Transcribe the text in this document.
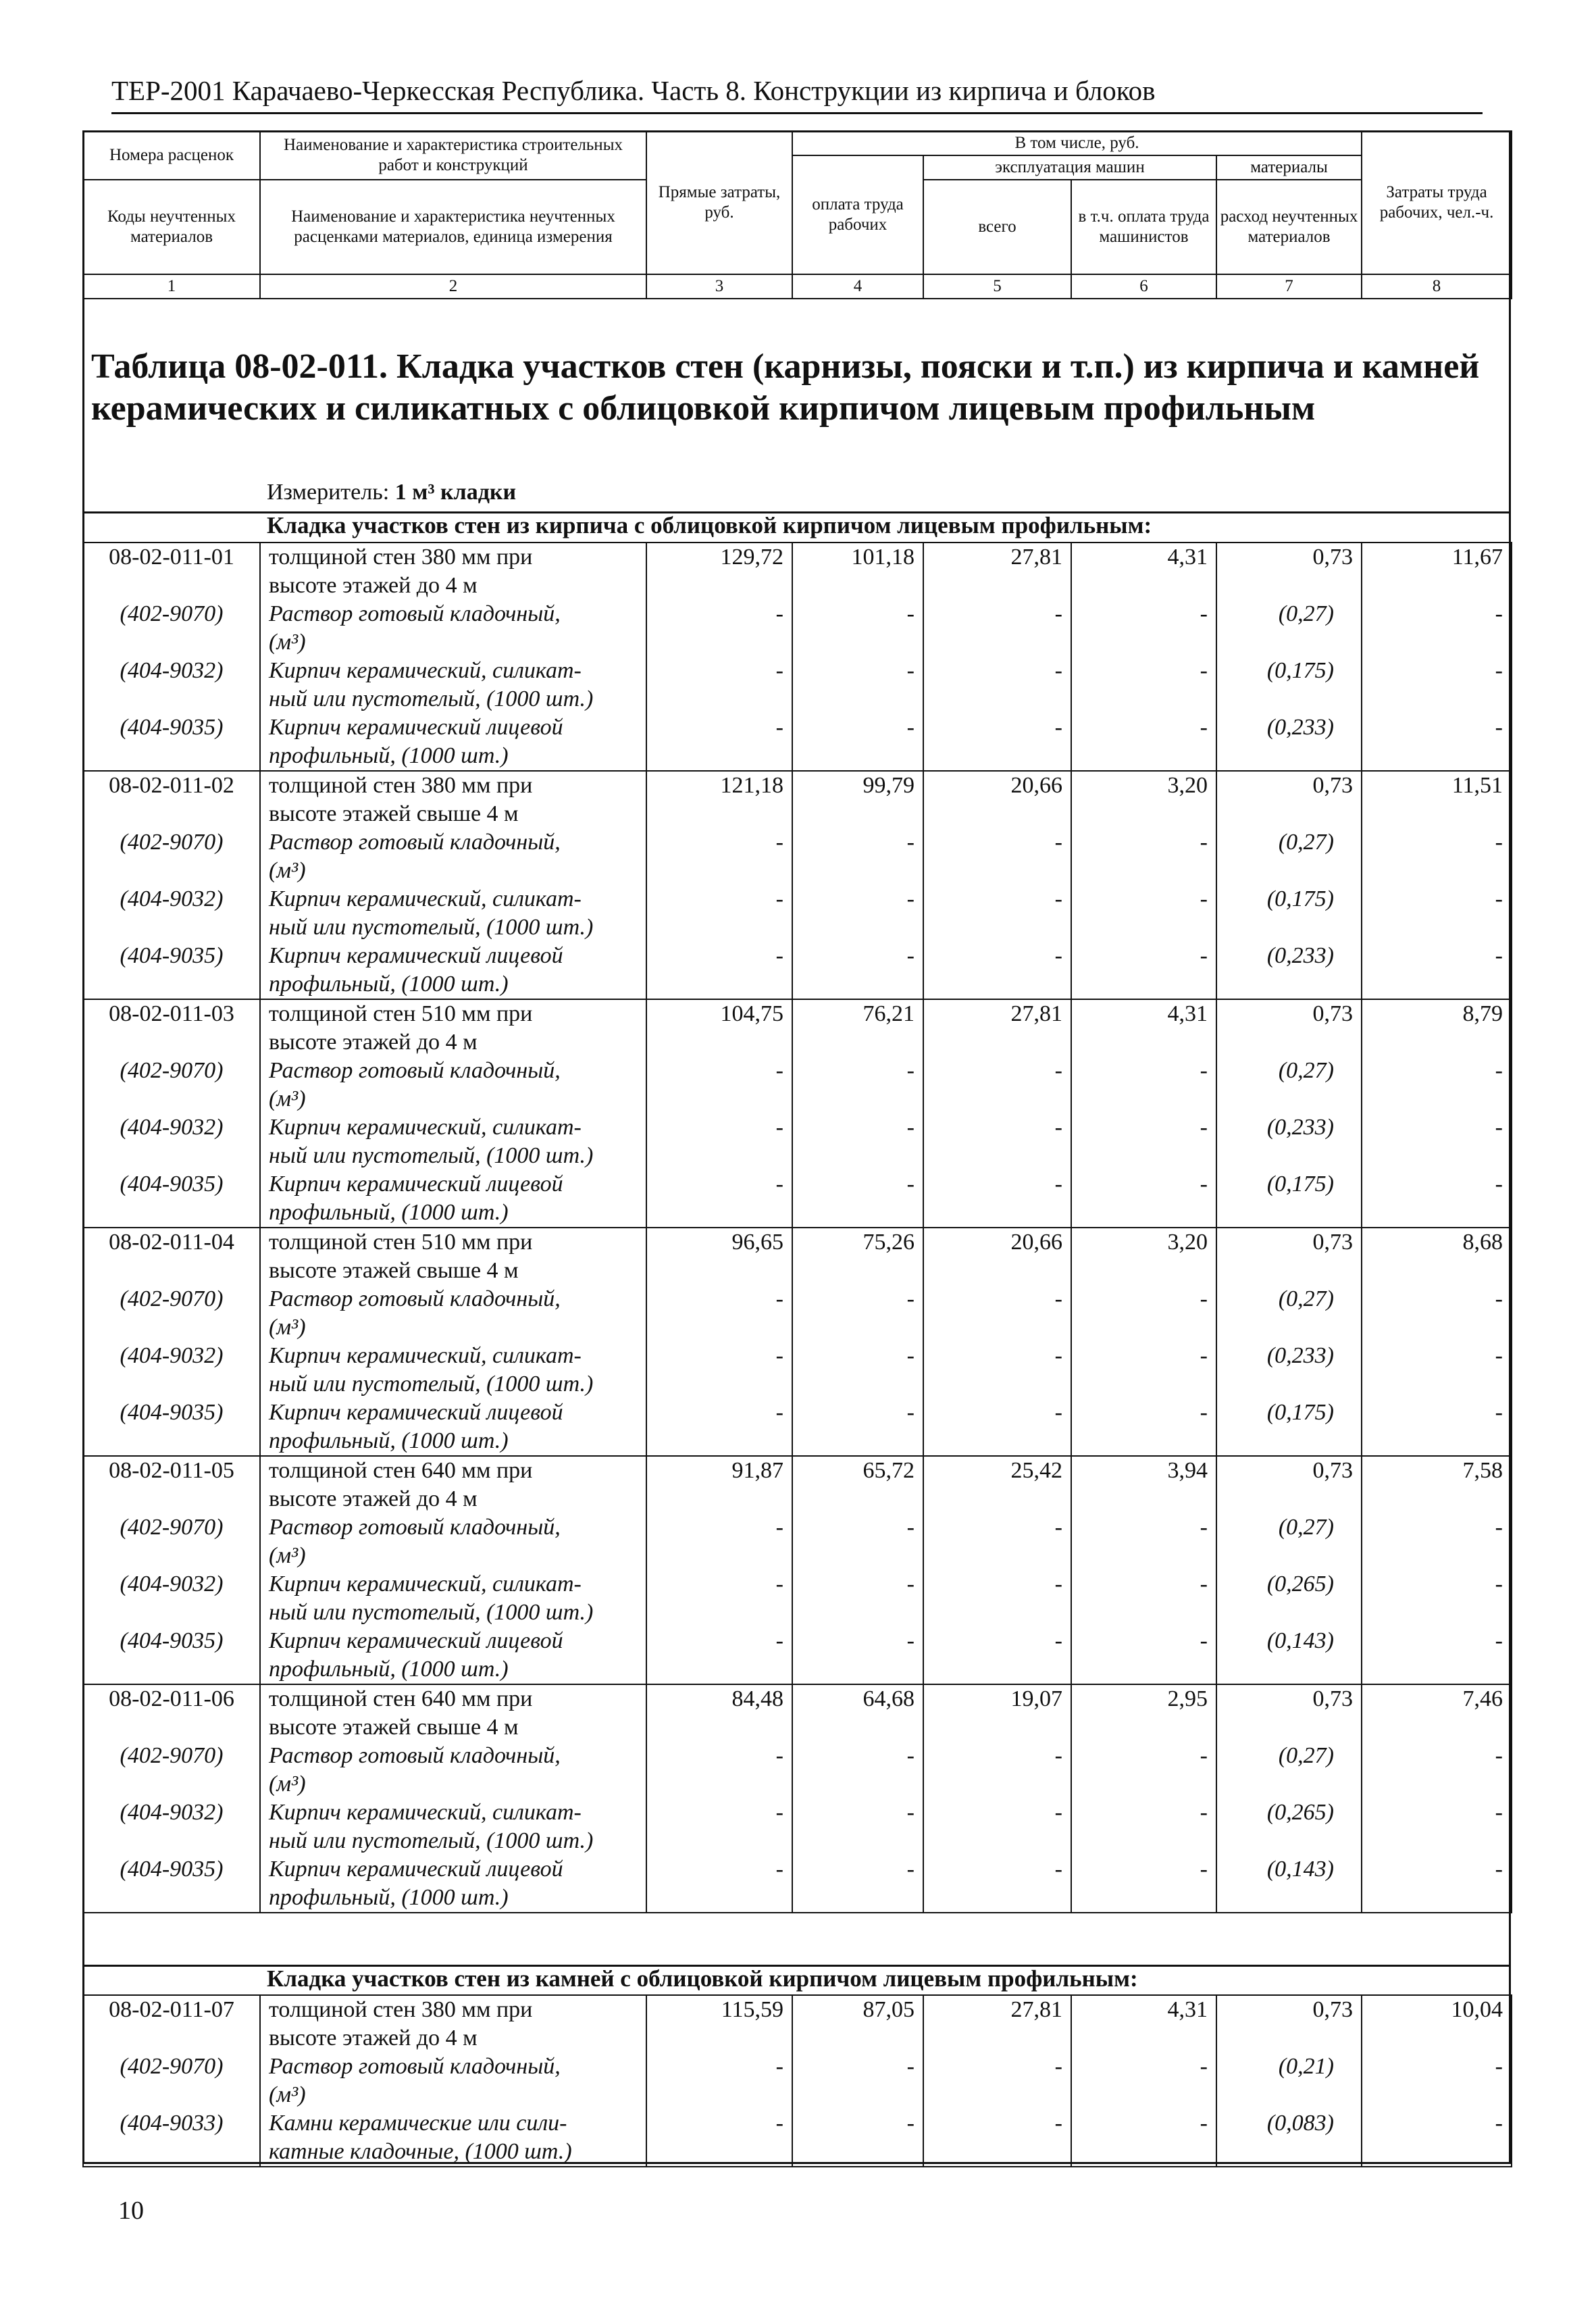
ТЕР-2001 Карачаево-Черкесская Республика. Часть 8. Конструкции из кирпича и блоков
Номера расценок	Наименование и характеристика строительных работ и конструкций	Прямые затраты, руб.	В том числе, руб.				Затраты труда рабочих, чел.-ч.
			оплата труда рабочих	эксплуатация машин		материалы	
Коды неучтенных материалов	Наименование и характеристика неучтенных расценками материалов, единица измерения			всего	в т.ч. оплата труда машинистов	расход неучтенных материалов	

1	2	3	4	5	6	7	8
Таблица 08-02-011. Кладка участков стен (карнизы, пояски и т.п.) из кирпича и камней керамических и силикатных с облицовкой кирпичом лицевым профильным
Измеритель: 1 м³ кладки
Кладка участков стен из кирпича с облицовкой кирпичом лицевым профильным:
08-02-011-01	толщиной стен 380 мм при
высоте этажей до 4 м	129,72	101,18	27,81	4,31	0,73	11,67
(402-9070)	Раствор готовый кладочный,
(м³)	-	-	-	-	(0,27)	-
(404-9032)	Кирпич керамический, силикат-
ный или пустотелый, (1000 шт.)	-	-	-	-	(0,175)	-
(404-9035)	Кирпич керамический лицевой
профильный, (1000 шт.)	-	-	-	-	(0,233)	-
08-02-011-02	толщиной стен 380 мм при
высоте этажей свыше 4 м	121,18	99,79	20,66	3,20	0,73	11,51
(402-9070)	Раствор готовый кладочный,
(м³)	-	-	-	-	(0,27)	-
(404-9032)	Кирпич керамический, силикат-
ный или пустотелый, (1000 шт.)	-	-	-	-	(0,175)	-
(404-9035)	Кирпич керамический лицевой
профильный, (1000 шт.)	-	-	-	-	(0,233)	-
08-02-011-03	толщиной стен 510 мм при
высоте этажей до 4 м	104,75	76,21	27,81	4,31	0,73	8,79
(402-9070)	Раствор готовый кладочный,
(м³)	-	-	-	-	(0,27)	-
(404-9032)	Кирпич керамический, силикат-
ный или пустотелый, (1000 шт.)	-	-	-	-	(0,233)	-
(404-9035)	Кирпич керамический лицевой
профильный, (1000 шт.)	-	-	-	-	(0,175)	-
08-02-011-04	толщиной стен 510 мм при
высоте этажей свыше 4 м	96,65	75,26	20,66	3,20	0,73	8,68
(402-9070)	Раствор готовый кладочный,
(м³)	-	-	-	-	(0,27)	-
(404-9032)	Кирпич керамический, силикат-
ный или пустотелый, (1000 шт.)	-	-	-	-	(0,233)	-
(404-9035)	Кирпич керамический лицевой
профильный, (1000 шт.)	-	-	-	-	(0,175)	-
08-02-011-05	толщиной стен 640 мм при
высоте этажей до 4 м	91,87	65,72	25,42	3,94	0,73	7,58
(402-9070)	Раствор готовый кладочный,
(м³)	-	-	-	-	(0,27)	-
(404-9032)	Кирпич керамический, силикат-
ный или пустотелый, (1000 шт.)	-	-	-	-	(0,265)	-
(404-9035)	Кирпич керамический лицевой
профильный, (1000 шт.)	-	-	-	-	(0,143)	-
08-02-011-06	толщиной стен 640 мм при
высоте этажей свыше 4 м	84,48	64,68	19,07	2,95	0,73	7,46
(402-9070)	Раствор готовый кладочный,
(м³)	-	-	-	-	(0,27)	-
(404-9032)	Кирпич керамический, силикат-
ный или пустотелый, (1000 шт.)	-	-	-	-	(0,265)	-
(404-9035)	Кирпич керамический лицевой
профильный, (1000 шт.)	-	-	-	-	(0,143)	-
Кладка участков стен из камней с облицовкой кирпичом лицевым профильным:
08-02-011-07	толщиной стен 380 мм при
высоте этажей до 4 м	115,59	87,05	27,81	4,31	0,73	10,04
(402-9070)	Раствор готовый кладочный,
(м³)	-	-	-	-	(0,21)	-
(404-9033)	Камни керамические или сили-
катные кладочные, (1000 шт.)	-	-	-	-	(0,083)	-
10
